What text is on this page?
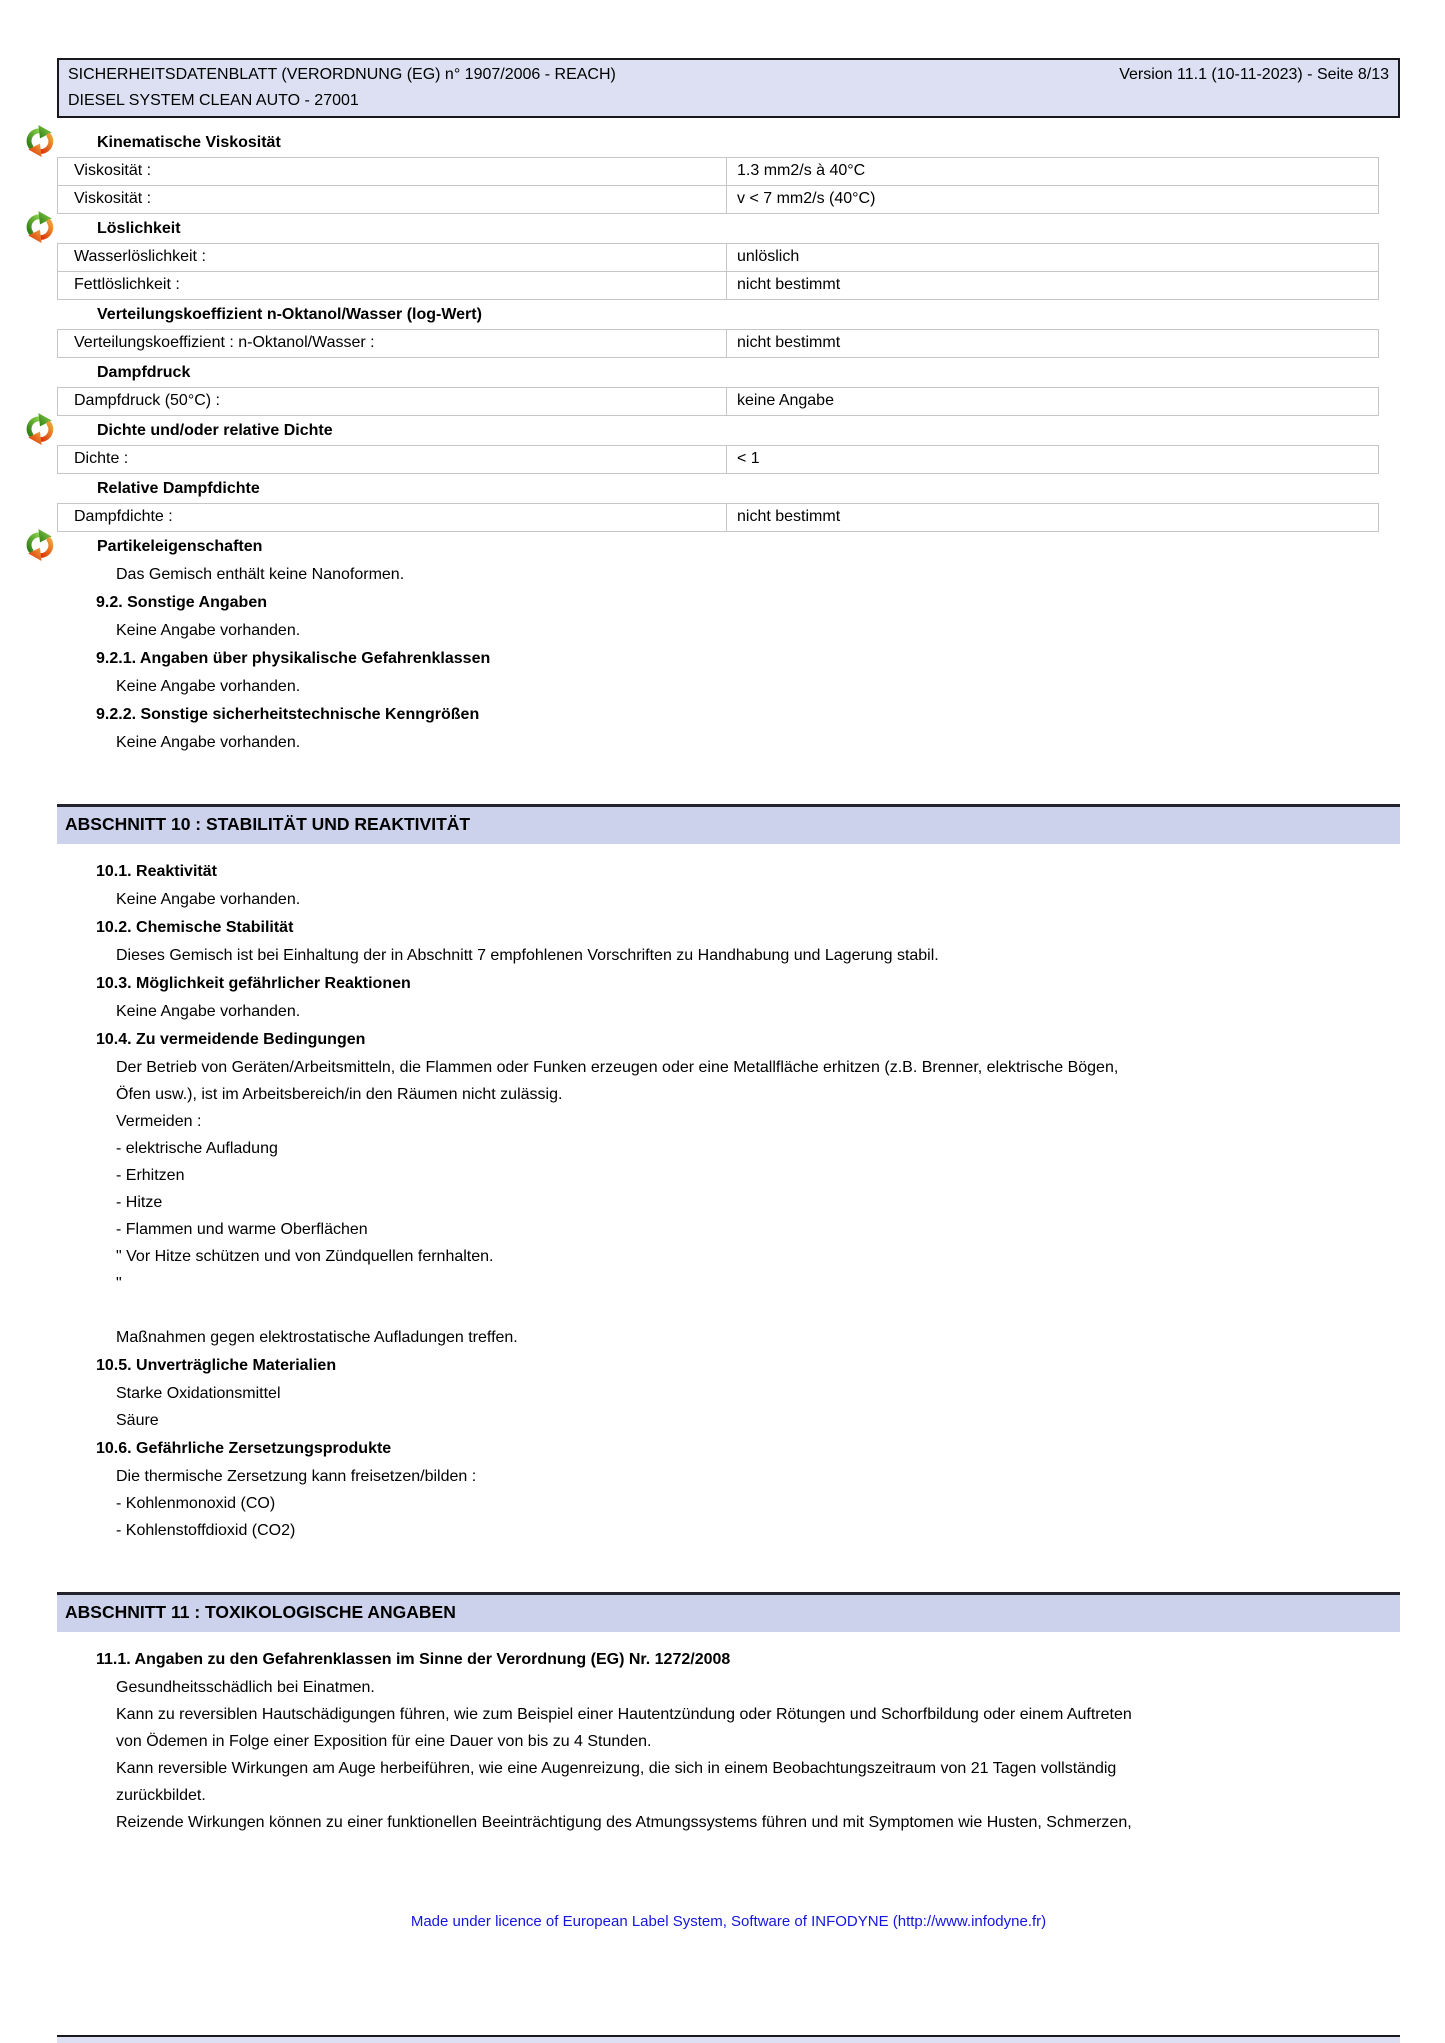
SICHERHEITSDATENBLATT (VERORDNUNG (EG) n° 1907/2006 - REACH)	Version 11.1 (10-11-2023) - Seite 8/13
DIESEL SYSTEM CLEAN AUTO - 27001
Kinematische Viskosität
Viskosität :	1.3 mm2/s à 40°C
Viskosität :	v < 7 mm2/s (40°C)
Löslichkeit
Wasserlöslichkeit :	unlöslich
Fettlöslichkeit :	nicht bestimmt
Verteilungskoeffizient n-Oktanol/Wasser (log-Wert)
Verteilungskoeffizient : n-Oktanol/Wasser :	nicht bestimmt
Dampfdruck
Dampfdruck (50°C) :	keine Angabe
Dichte und/oder relative Dichte
Dichte :	< 1
Relative Dampfdichte
Dampfdichte :	nicht bestimmt
Partikeleigenschaften
Das Gemisch enthält keine Nanoformen.
9.2. Sonstige Angaben
Keine Angabe vorhanden.
9.2.1. Angaben über physikalische Gefahrenklassen
Keine Angabe vorhanden.
9.2.2. Sonstige sicherheitstechnische Kenngrößen
Keine Angabe vorhanden.
ABSCHNITT 10 : STABILITÄT UND REAKTIVITÄT
10.1. Reaktivität
Keine Angabe vorhanden.
10.2. Chemische Stabilität
Dieses Gemisch ist bei Einhaltung der in Abschnitt 7 empfohlenen Vorschriften zu Handhabung und Lagerung stabil.
10.3. Möglichkeit gefährlicher Reaktionen
Keine Angabe vorhanden.
10.4. Zu vermeidende Bedingungen
Der Betrieb von Geräten/Arbeitsmitteln, die Flammen oder Funken erzeugen oder eine Metallfläche erhitzen (z.B. Brenner, elektrische Bögen,
Öfen usw.), ist im Arbeitsbereich/in den Räumen nicht zulässig.
Vermeiden :
- elektrische Aufladung
- Erhitzen
- Hitze
- Flammen und warme Oberflächen
" Vor Hitze schützen und von Zündquellen fernhalten.
"

Maßnahmen gegen elektrostatische Aufladungen treffen.
10.5. Unverträgliche Materialien
Starke Oxidationsmittel
Säure
10.6. Gefährliche Zersetzungsprodukte
Die thermische Zersetzung kann freisetzen/bilden :
- Kohlenmonoxid (CO)
- Kohlenstoffdioxid (CO2)
ABSCHNITT 11 : TOXIKOLOGISCHE ANGABEN
11.1. Angaben zu den Gefahrenklassen im Sinne der Verordnung (EG) Nr. 1272/2008
Gesundheitsschädlich bei Einatmen.
Kann zu reversiblen Hautschädigungen führen, wie zum Beispiel einer Hautentzündung oder Rötungen und Schorfbildung oder einem Auftreten
von Ödemen in Folge einer Exposition für eine Dauer von bis zu 4 Stunden.
Kann reversible Wirkungen am Auge herbeiführen, wie eine Augenreizung, die sich in einem Beobachtungszeitraum von 21 Tagen vollständig
zurückbildet.
Reizende Wirkungen können zu einer funktionellen Beeinträchtigung des Atmungssystems führen und mit Symptomen wie Husten, Schmerzen,
Made under licence of European Label System, Software of INFODYNE (http://www.infodyne.fr)
